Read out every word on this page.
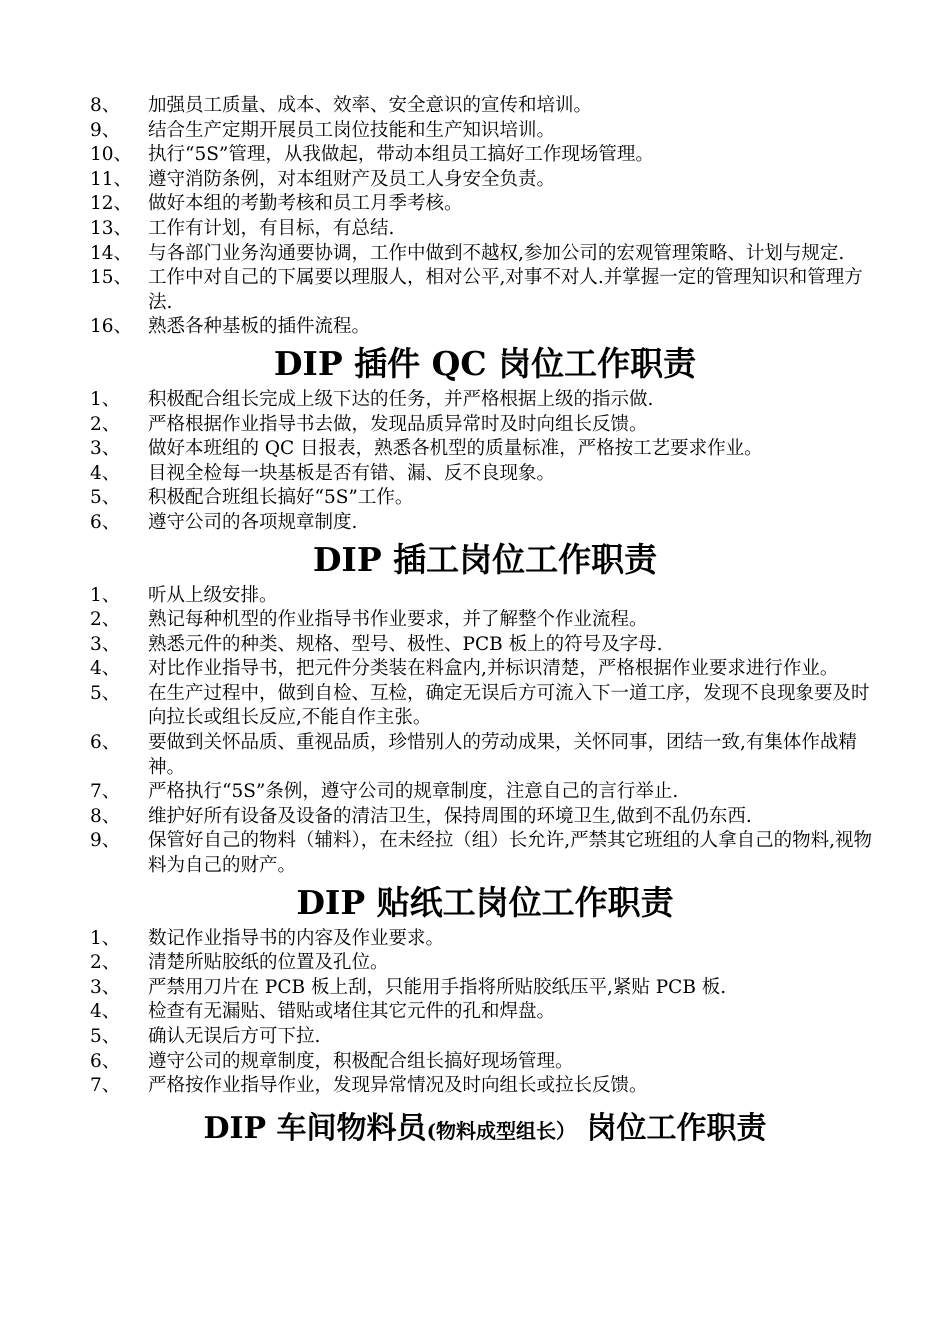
8、	加强员工质量、成本、效率、安全意识的宣传和培训。
9、	结合生产定期开展员工岗位技能和生产知识培训。
10、 执行“5S”管理，从我做起，带动本组员工搞好工作现场管理。
11、 遵守消防条例，对本组财产及员工人身安全负责。
12、 做好本组的考勤考核和员工月季考核。
13、 工作有计划，有目标，有总结.
14、 与各部门业务沟通要协调，工作中做到不越权,参加公司的宏观管理策略、计划与规定.
15、 工作中对自己的下属要以理服人，相对公平,对事不对人.并掌握一定的管理知识和管理方法.
16、 熟悉各种基板的插件流程。
DIP 插件 QC 岗位工作职责
1、	积极配合组长完成上级下达的任务，并严格根据上级的指示做.
2、	严格根据作业指导书去做，发现品质异常时及时向组长反馈。
3、	做好本班组的 QC 日报表，熟悉各机型的质量标准，严格按工艺要求作业。
4、	目视全检每一块基板是否有错、漏、反不良现象。
5、	积极配合班组长搞好“5S”工作。
6、	遵守公司的各项规章制度.
DIP 插工岗位工作职责
1、	听从上级安排。
2、	熟记每种机型的作业指导书作业要求，并了解整个作业流程。
3、	熟悉元件的种类、规格、型号、极性、PCB 板上的符号及字母.
4、	对比作业指导书，把元件分类装在料盒内,并标识清楚，严格根据作业要求进行作业。
5、	在生产过程中，做到自检、互检，确定无误后方可流入下一道工序，发现不良现象要及时向拉长或组长反应,不能自作主张。
6、	要做到关怀品质、重视品质，珍惜别人的劳动成果，关怀同事，团结一致,有集体作战精神。
7、	严格执行“5S”条例，遵守公司的规章制度，注意自己的言行举止.
8、	维护好所有设备及设备的清洁卫生，保持周围的环境卫生,做到不乱仍东西.
9、	保管好自己的物料（辅料），在未经拉（组）长允许,严禁其它班组的人拿自己的物料,视物料为自己的财产。
DIP 贴纸工岗位工作职责
1、	数记作业指导书的内容及作业要求。
2、	清楚所贴胶纸的位置及孔位。
3、	严禁用刀片在 PCB 板上刮，只能用手指将所贴胶纸压平,紧贴 PCB 板.
4、	检查有无漏贴、错贴或堵住其它元件的孔和焊盘。
5、	确认无误后方可下拉.
6、	遵守公司的规章制度，积极配合组长搞好现场管理。
7、	严格按作业指导作业，发现异常情况及时向组长或拉长反馈。
DIP 车间物料员(物料成型组长） 岗位工作职责
